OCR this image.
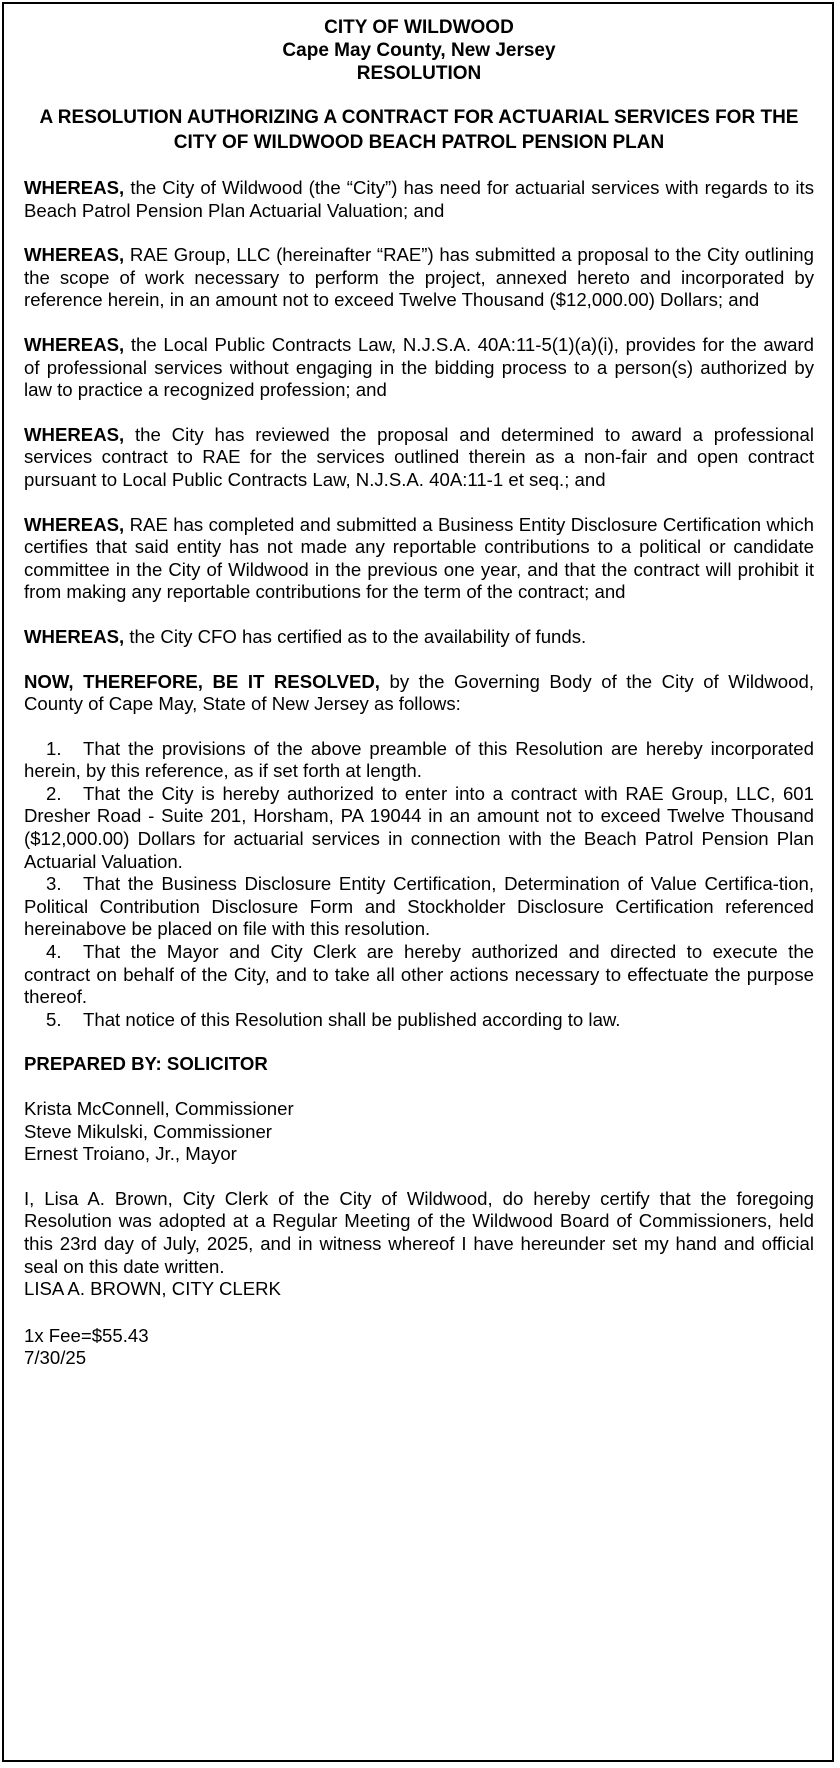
CITY OF WILDWOOD
Cape May County, New Jersey
RESOLUTION
A RESOLUTION AUTHORIZING A CONTRACT FOR ACTUARIAL SERVICES FOR THE CITY OF WILDWOOD BEACH PATROL PENSION PLAN

WHEREAS, the City of Wildwood (the “City”) has need for actuarial services with regards to its Beach Patrol Pension Plan Actuarial Valuation; and

WHEREAS, RAE Group, LLC (hereinafter “RAE”) has submitted a proposal to the City outlining the scope of work necessary to perform the project, annexed hereto and incorporated by reference herein, in an amount not to exceed Twelve Thousand ($12,000.00) Dollars; and

WHEREAS, the Local Public Contracts Law, N.J.S.A. 40A:11-5(1)(a)(i), provides for the award of professional services without engaging in the bidding process to a person(s) authorized by law to practice a recognized profession; and

WHEREAS, the City has reviewed the proposal and determined to award a professional services contract to RAE for the services outlined therein as a non-fair and open contract pursuant to Local Public Contracts Law, N.J.S.A. 40A:11-1 et seq.; and

WHEREAS, RAE has completed and submitted a Business Entity Disclosure Certification which certifies that said entity has not made any reportable contributions to a political or candidate committee in the City of Wildwood in the previous one year, and that the contract will prohibit it from making any reportable contributions for the term of the contract; and

WHEREAS, the City CFO has certified as to the availability of funds.

NOW, THEREFORE, BE IT RESOLVED, by the Governing Body of the City of Wildwood, County of Cape May, State of New Jersey as follows:

1. That the provisions of the above preamble of this Resolution are hereby incorporated herein, by this reference, as if set forth at length.

2. That the City is hereby authorized to enter into a contract with RAE Group, LLC, 601 Dresher Road - Suite 201, Horsham, PA 19044 in an amount not to exceed Twelve Thousand ($12,000.00) Dollars for actuarial services in connection with the Beach Patrol Pension Plan Actuarial Valuation.

3. That the Business Disclosure Entity Certification, Determination of Value Certifica-tion, Political Contribution Disclosure Form and Stockholder Disclosure Certification referenced hereinabove be placed on file with this resolution.

4. That the Mayor and City Clerk are hereby authorized and directed to execute the contract on behalf of the City, and to take all other actions necessary to effectuate the purpose thereof.

5. That notice of this Resolution shall be published according to law.

PREPARED BY: SOLICITOR
Krista McConnell, Commissioner
Steve Mikulski, Commissioner
Ernest Troiano, Jr., Mayor

I, Lisa A. Brown, City Clerk of the City of Wildwood, do hereby certify that the foregoing Resolution was adopted at a Regular Meeting of the Wildwood Board of Commissioners, held this 23rd day of July, 2025, and in witness whereof I have hereunder set my hand and official seal on this date written.

LISA A. BROWN, CITY CLERK
1x Fee=$55.43
7/30/25
